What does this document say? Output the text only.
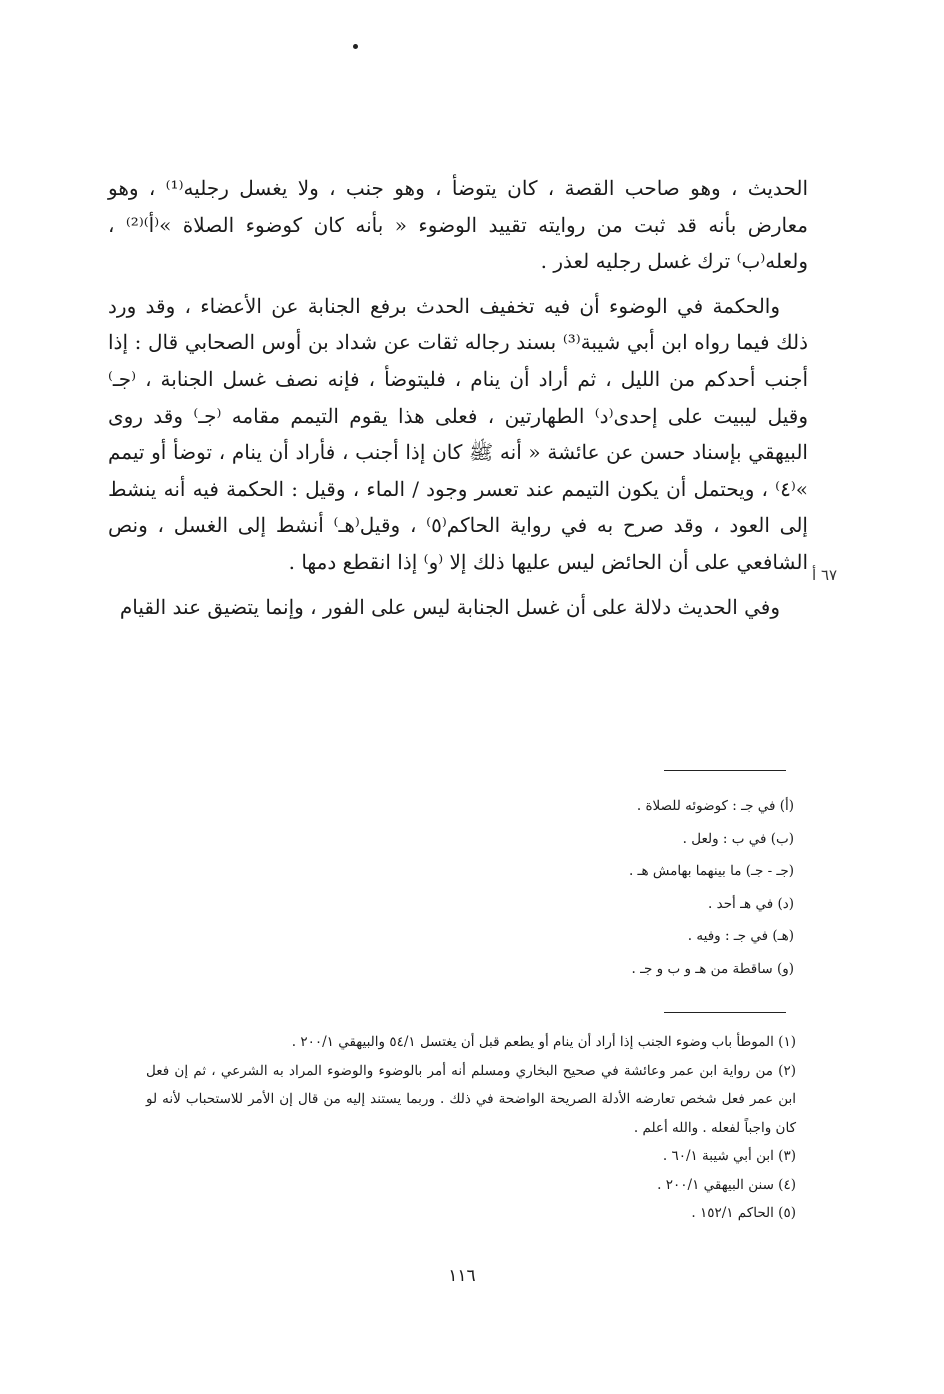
الحديث ، وهو صاحب القصة ، كان يتوضأ ، وهو جنب ، ولا يغسل رجليه⁽¹⁾ ، وهو معارض بأنه قد ثبت من روايته تقييد الوضوء « بأنه كان كوضوء الصلاة »⁽أ⁾⁽²⁾ ، ولعله⁽ب⁾ ترك غسل رجليه لعذر .

والحكمة في الوضوء أن فيه تخفيف الحدث برفع الجنابة عن الأعضاء ، وقد ورد ذلك فيما رواه ابن أبي شيبة⁽³⁾ بسند رجاله ثقات عن شداد بن أوس الصحابي قال : إذا أجنب أحدكم من الليل ، ثم أراد أن ينام ، فليتوضأ ، فإنه نصف غسل الجنابة ، ⁽جـ⁾ وقيل ليبيت على إحدى⁽د⁾ الطهارتين ، فعلى هذا يقوم التيمم مقامه ⁽جـ⁾ وقد روى البيهقي بإسناد حسن عن عائشة « أنه ﷺ كان إذا أجنب ، فأراد أن ينام ، توضأ أو تيمم »⁽٤⁾ ، ويحتمل أن يكون التيمم عند تعسر وجود / الماء ، وقيل : الحكمة فيه أنه ينشط إلى العود ، وقد صرح به في رواية الحاكم⁽٥⁾ ، وقيل⁽هـ⁾ أنشط إلى الغسل ، ونص الشافعي على أن الحائض ليس عليها ذلك إلا ⁽و⁾ إذا انقطع دمها .

وفي الحديث دلالة على أن غسل الجنابة ليس على الفور ، وإنما يتضيق عند القيام

٦٧ أ
(أ) في جـ : كوضوئه للصلاة .
(ب) في ب : ولعل .
(جـ - جـ) ما بينهما بهامش هـ .
(د) في هـ أحد .
(هـ) في جـ : وفيه .
(و) ساقطة من هـ و ب و جـ .
(١) الموطأ باب وضوء الجنب إذا أراد أن ينام أو يطعم قبل أن يغتسل ٥٤/١ والبيهقي ٢٠٠/١ .
(٢) من رواية ابن عمر وعائشة في صحيح البخاري ومسلم أنه أمر بالوضوء والوضوء المراد به الشرعي ، ثم إن فعل ابن عمر فعل شخص تعارضه الأدلة الصريحة الواضحة في ذلك . وربما يستند إليه من قال إن الأمر للاستحباب لأنه لو كان واجباً لفعله . والله أعلم .
(٣) ابن أبي شيبة ٦٠/١ .
(٤) سنن البيهقي ٢٠٠/١ .
(٥) الحاكم ١٥٢/١ .
١١٦
